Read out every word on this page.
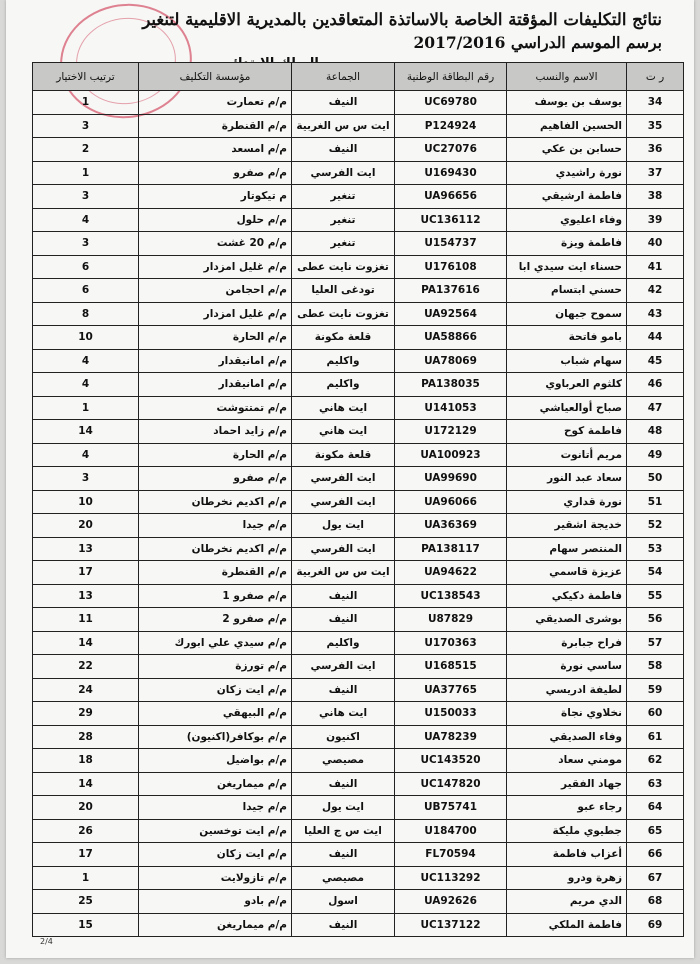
نتائج التكليفات المؤقتة الخاصة بالاساتذة المتعاقدين بالمديرية الاقليمية لتنغير
برسم الموسم الدراسي 2017/2016
ر ت	الاسم والنسب	رقم البطاقة الوطنية	الجماعة	مؤسسة التكليف	ترتيب الاختيار
34	يوسف بن يوسف	UC69780	النيف	م/م تعمارت	1
35	الحسين الفاهيم	P124924	ايت س س الغربية	م/م القنطرة	3
36	حسابن بن عكي	UC27076	النيف	م/م امسعد	2
37	نورة راشيدي	U169430	ايت الفرسي	م/م صفرو	1
38	فاطمة ارشيقي	UA96656	تنغير	م تيكوتار	3
39	وفاء اعليوي	UC136112	تنغير	م/م حلول	4
40	فاطمة ويزة	U154737	تنغير	م/م 20 غشت	3
41	حسناء ايت سيدي ابا	U176108	تغزوت نايت عطى	م/م غليل امزدار	6
42	حسني ابتسام	PA137616	تودغى العليا	م/م احجامن	6
43	سموح جيهان	UA92564	تغزوت نايت عطى	م/م غليل امزدار	8
44	بامو فاتحة	UA58866	قلعة مكونة	م/م الحارة	10
45	سهام شباب	UA78069	واكليم	م/م امانيقدار	4
46	كلثوم العرباوي	PA138035	واكليم	م/م امانيقدار	4
47	صباح أوالعياشي	U141053	ايت هاني	م/م تمتتوشت	1
48	فاطمة كوح	U172129	ايت هاني	م/م زايد احماد	14
49	مريم أتانوت	UA100923	قلعة مكونة	م/م الحارة	4
50	سعاد عبد النور	UA99690	ايت الفرسي	م/م صفرو	3
51	نورة قداري	UA96066	ايت الفرسي	م/م اكديم نخرطان	10
52	خديجة اشقير	UA36369	ايت يول	م/م جيدا	20
53	المنتصر سهام	PA138117	ايت الفرسي	م/م اكديم نخرطان	13
54	عزيزة قاسمي	UA94622	ايت س س الغربية	م/م القنطرة	17
55	فاطمة دكيكي	UC138543	النيف	م/م صفرو 1	13
56	بوشرى الصديقي	U87829	النيف	م/م صفرو 2	11
57	فراح جبابرة	U170363	واكليم	م/م سيدي علي ابورك	14
58	ساسي نورة	U168515	ايت الفرسي	م/م تورزة	22
59	لطيفة ادريسي	UA37765	النيف	م/م ايت زكان	24
60	نخلاوي نجاة	U150033	ايت هاني	م/م البيهقي	29
61	وفاء الصديقي	UA78239	اكنيون	م/م بوكافر(اكنيون)	28
62	مومني سعاد	UC143520	مصيصي	م/م بواضيل	18
63	جهاد الفقير	UC147820	النيف	م/م ميماريغن	14
64	رجاء عبو	UB75741	ايت يول	م/م جيدا	20
65	جطيوي مليكة	U184700	ايت س ج العليا	م/م ايت توخسين	26
66	أعزاب فاطمة	FL70594	النيف	م/م ايت زكان	17
67	زهرة ودرو	UC113292	مصيصي	م/م تازولايت	1
68	الدي مريم	UA92626	اسول	م/م بادو	25
69	فاطمة الملكي	UC137122	النيف	م/م ميماريغن	15
2/4
